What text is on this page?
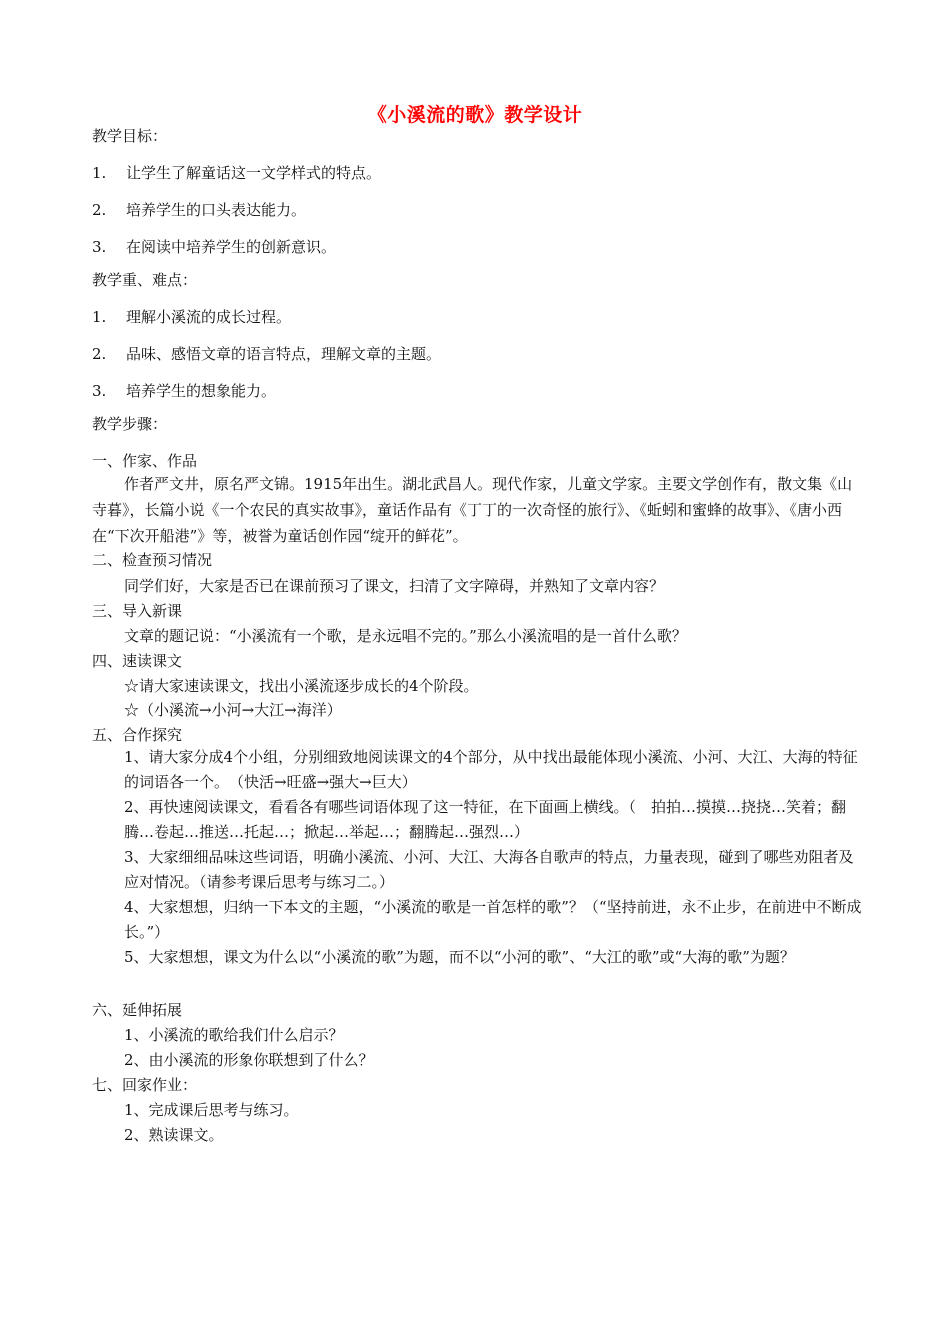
《小溪流的歌》教学设计
教学目标：
1. 让学生了解童话这一文学样式的特点。
2. 培养学生的口头表达能力。
3. 在阅读中培养学生的创新意识。
教学重、难点：
1. 理解小溪流的成长过程。
2. 品味、感悟文章的语言特点，理解文章的主题。
3. 培养学生的想象能力。
教学步骤：
一、作家、作品
作者严文井，原名严文锦。1915年出生。湖北武昌人。现代作家，儿童文学家。主要文学创作有，散文集《山寺暮》，长篇小说《一个农民的真实故事》，童话作品有《丁丁的一次奇怪的旅行》、《蚯蚓和蜜蜂的故事》、《唐小西在“下次开船港”》等，被誉为童话创作园“绽开的鲜花”。
二、检查预习情况
同学们好，大家是否已在课前预习了课文，扫清了文字障碍，并熟知了文章内容？
三、导入新课
文章的题记说：“小溪流有一个歌，是永远唱不完的。”那么小溪流唱的是一首什么歌？
四、速读课文
☆请大家速读课文，找出小溪流逐步成长的4个阶段。
☆（小溪流→小河→大江→海洋）
五、合作探究
1、请大家分成4个小组，分别细致地阅读课文的4个部分，从中找出最能体现小溪流、小河、大江、大海的特征的词语各一个。　（快活→旺盛→强大→巨大）
2、再快速阅读课文，看看各有哪些词语体现了这一特征，在下面画上横线。（　拍拍…摸摸…挠挠…笑着；翻腾…卷起…推送…托起…；掀起…举起…；翻腾起…强烈…）
3、大家细细品味这些词语，明确小溪流、小河、大江、大海各自歌声的特点，力量表现，碰到了哪些劝阻者及应对情况。（请参考课后思考与练习二。）
4、大家想想，归纳一下本文的主题，“小溪流的歌是一首怎样的歌”？（“坚持前进，永不止步，在前进中不断成长。”）
5、大家想想，课文为什么以“小溪流的歌”为题，而不以“小河的歌”、“大江的歌”或“大海的歌”为题？
六、延伸拓展
1、小溪流的歌给我们什么启示？
2、由小溪流的形象你联想到了什么？
七、回家作业：
1、完成课后思考与练习。
2、熟读课文。
